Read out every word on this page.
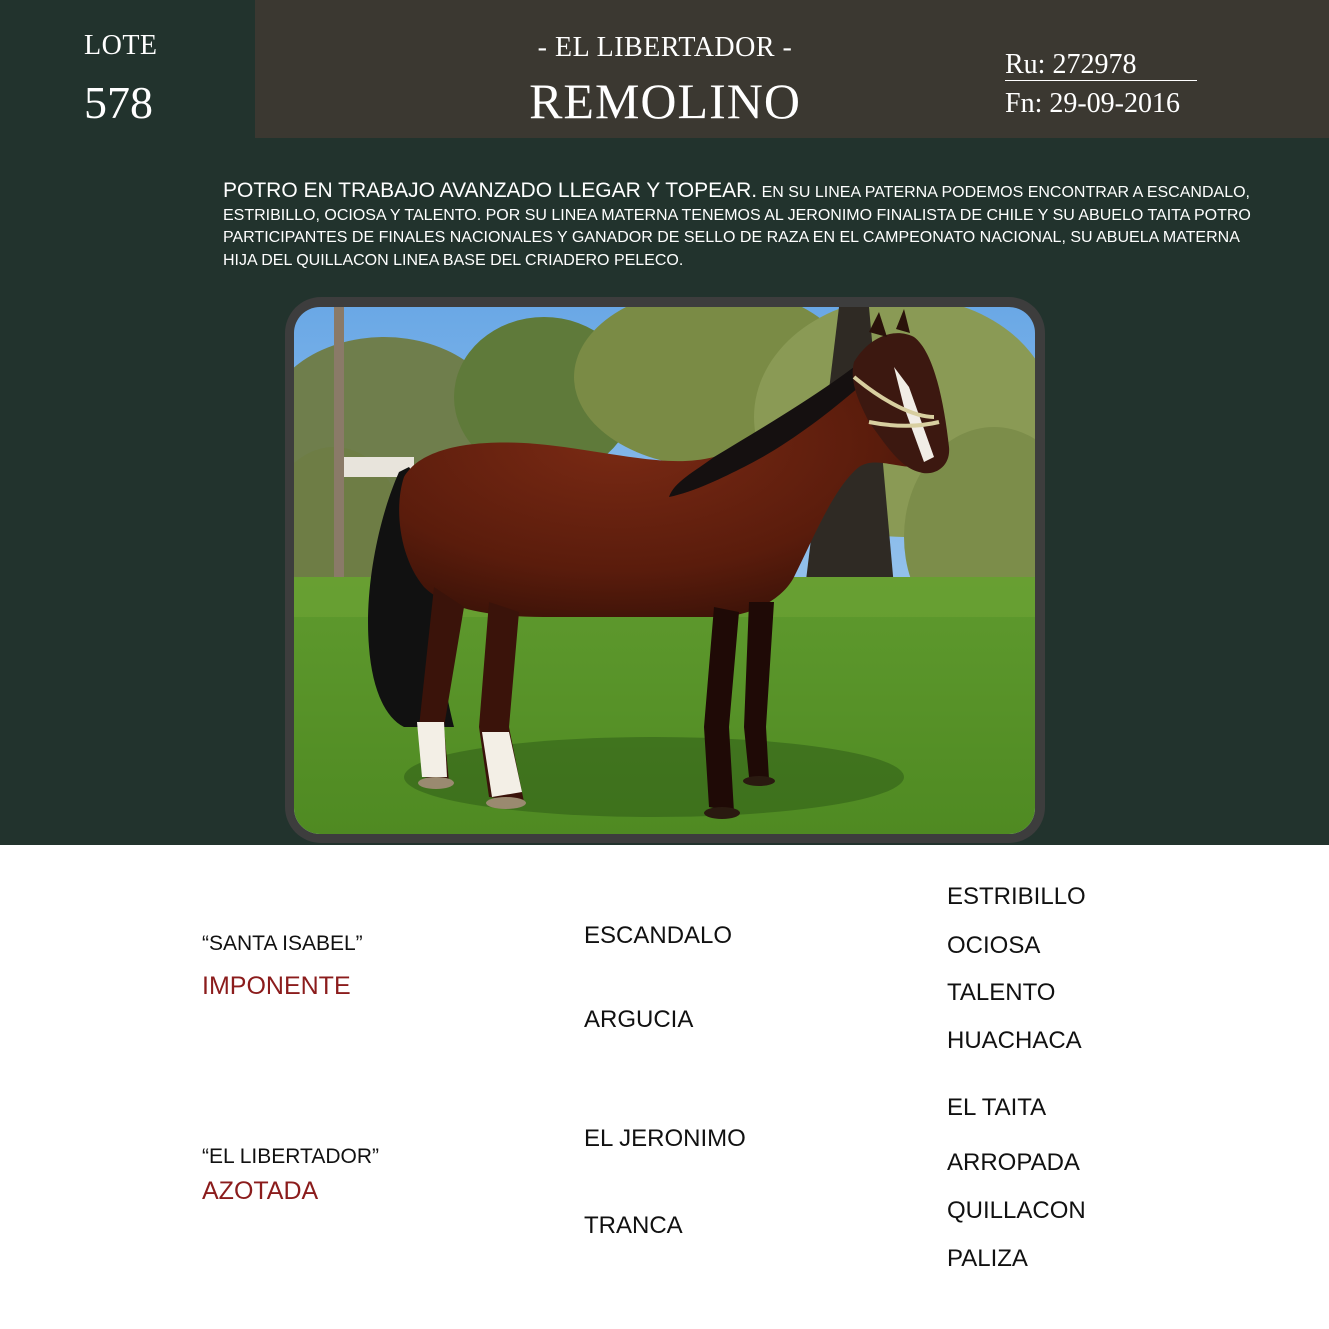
LOTE
578
- EL LIBERTADOR -
REMOLINO
Ru: 272978
Fn: 29-09-2016
POTRO EN TRABAJO AVANZADO LLEGAR Y TOPEAR. EN SU LINEA PATERNA PODEMOS ENCONTRAR A ESCANDALO, ESTRIBILLO, OCIOSA Y TALENTO. POR SU LINEA MATERNA TENEMOS AL JERONIMO FINALISTA DE CHILE Y SU ABUELO TAITA POTRO PARTICIPANTES DE FINALES NACIONALES Y GANADOR DE SELLO DE RAZA EN EL CAMPEONATO NACIONAL, SU ABUELA MATERNA HIJA DEL QUILLACON LINEA BASE DEL CRIADERO PELECO.
“SANTA ISABEL”
IMPONENTE
“EL LIBERTADOR”
AZOTADA
ESCANDALO
ARGUCIA
EL JERONIMO
TRANCA
ESTRIBILLO
OCIOSA
TALENTO
HUACHACA
EL TAITA
ARROPADA
QUILLACON
PALIZA
